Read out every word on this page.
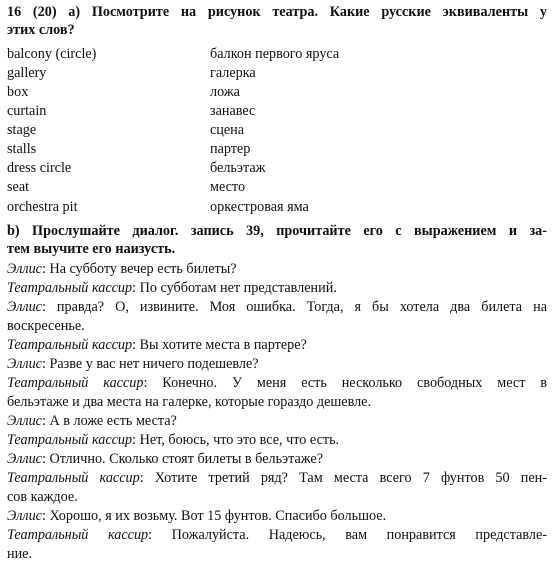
16 (20) a) Посмотрите на рисунок театра. Какие русские эквиваленты у
этих слов?
balcony (circle)	балкон первого яруса
gallery	галерка
box	ложа
curtain	занавес
stage	сцена
stalls	партер
dress circle	бельэтаж
seat	место
orchestra pit	оркестровая яма
b) Прослушайте диалог. запись 39, прочитайте его с выражением и за-
тем выучите его наизусть.
Эллис: На субботу вечер есть билеты?
Театральный кассир: По субботам нет представлений.
Эллис: правда? О, извините. Моя ошибка. Тогда, я бы хотела два билета на
воскресенье.
Театральный кассир: Вы хотите места в партере?
Эллис: Разве у вас нет ничего подешевле?
Театральный кассир: Конечно. У меня есть несколько свободных мест в
бельэтаже и два места на галерке, которые гораздо дешевле.
Эллис: А в ложе есть места?
Театральный кассир: Нет, боюсь, что это все, что есть.
Эллис: Отлично. Сколько стоят билеты в бельэтаже?
Театральный кассир: Хотите третий ряд? Там места всего 7 фунтов 50 пен-
сов каждое.
Эллис: Хорошо, я их возьму. Вот 15 фунтов. Спасибо большое.
Театральный кассир: Пожалуйста. Надеюсь, вам понравится представле-
ние.
